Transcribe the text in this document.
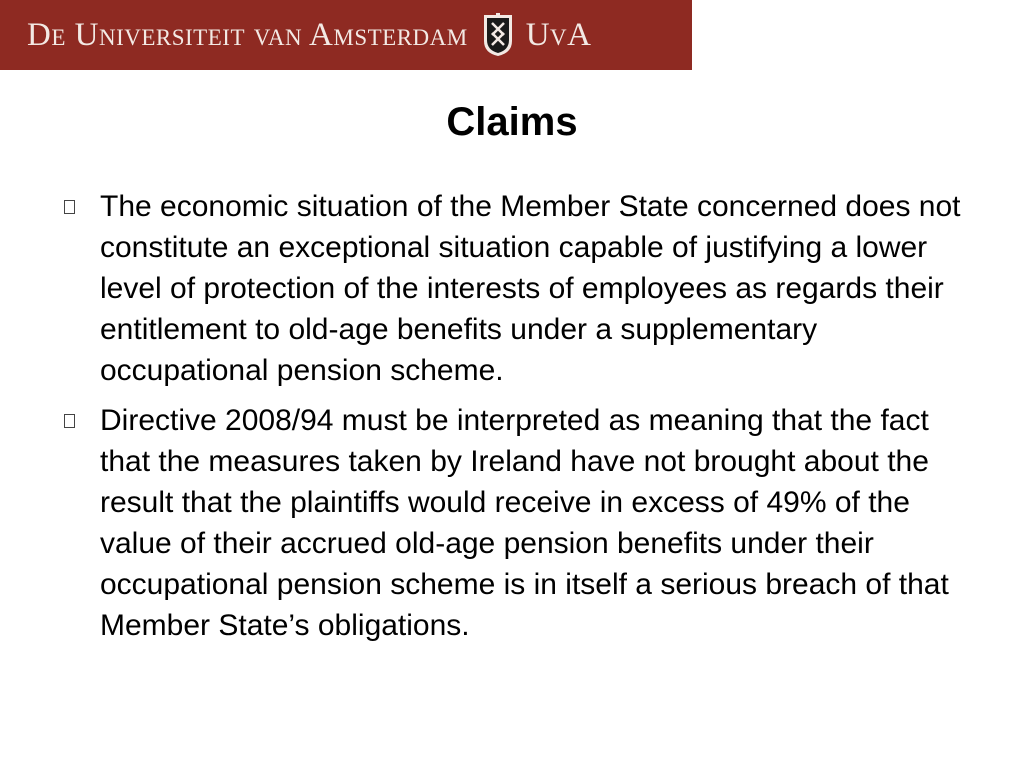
De Universiteit van Amsterdam UvA
Claims
The economic situation of the Member State concerned does not constitute an exceptional situation capable of justifying a lower level of protection of the interests of employees as regards their entitlement to old-age benefits under a supplementary occupational pension scheme.
Directive 2008/94 must be interpreted as meaning that the fact that the measures taken by Ireland have not brought about the result that the plaintiffs would receive in excess of 49% of the value of their accrued old-age pension benefits under their occupational pension scheme is in itself a serious breach of that Member State’s obligations.
